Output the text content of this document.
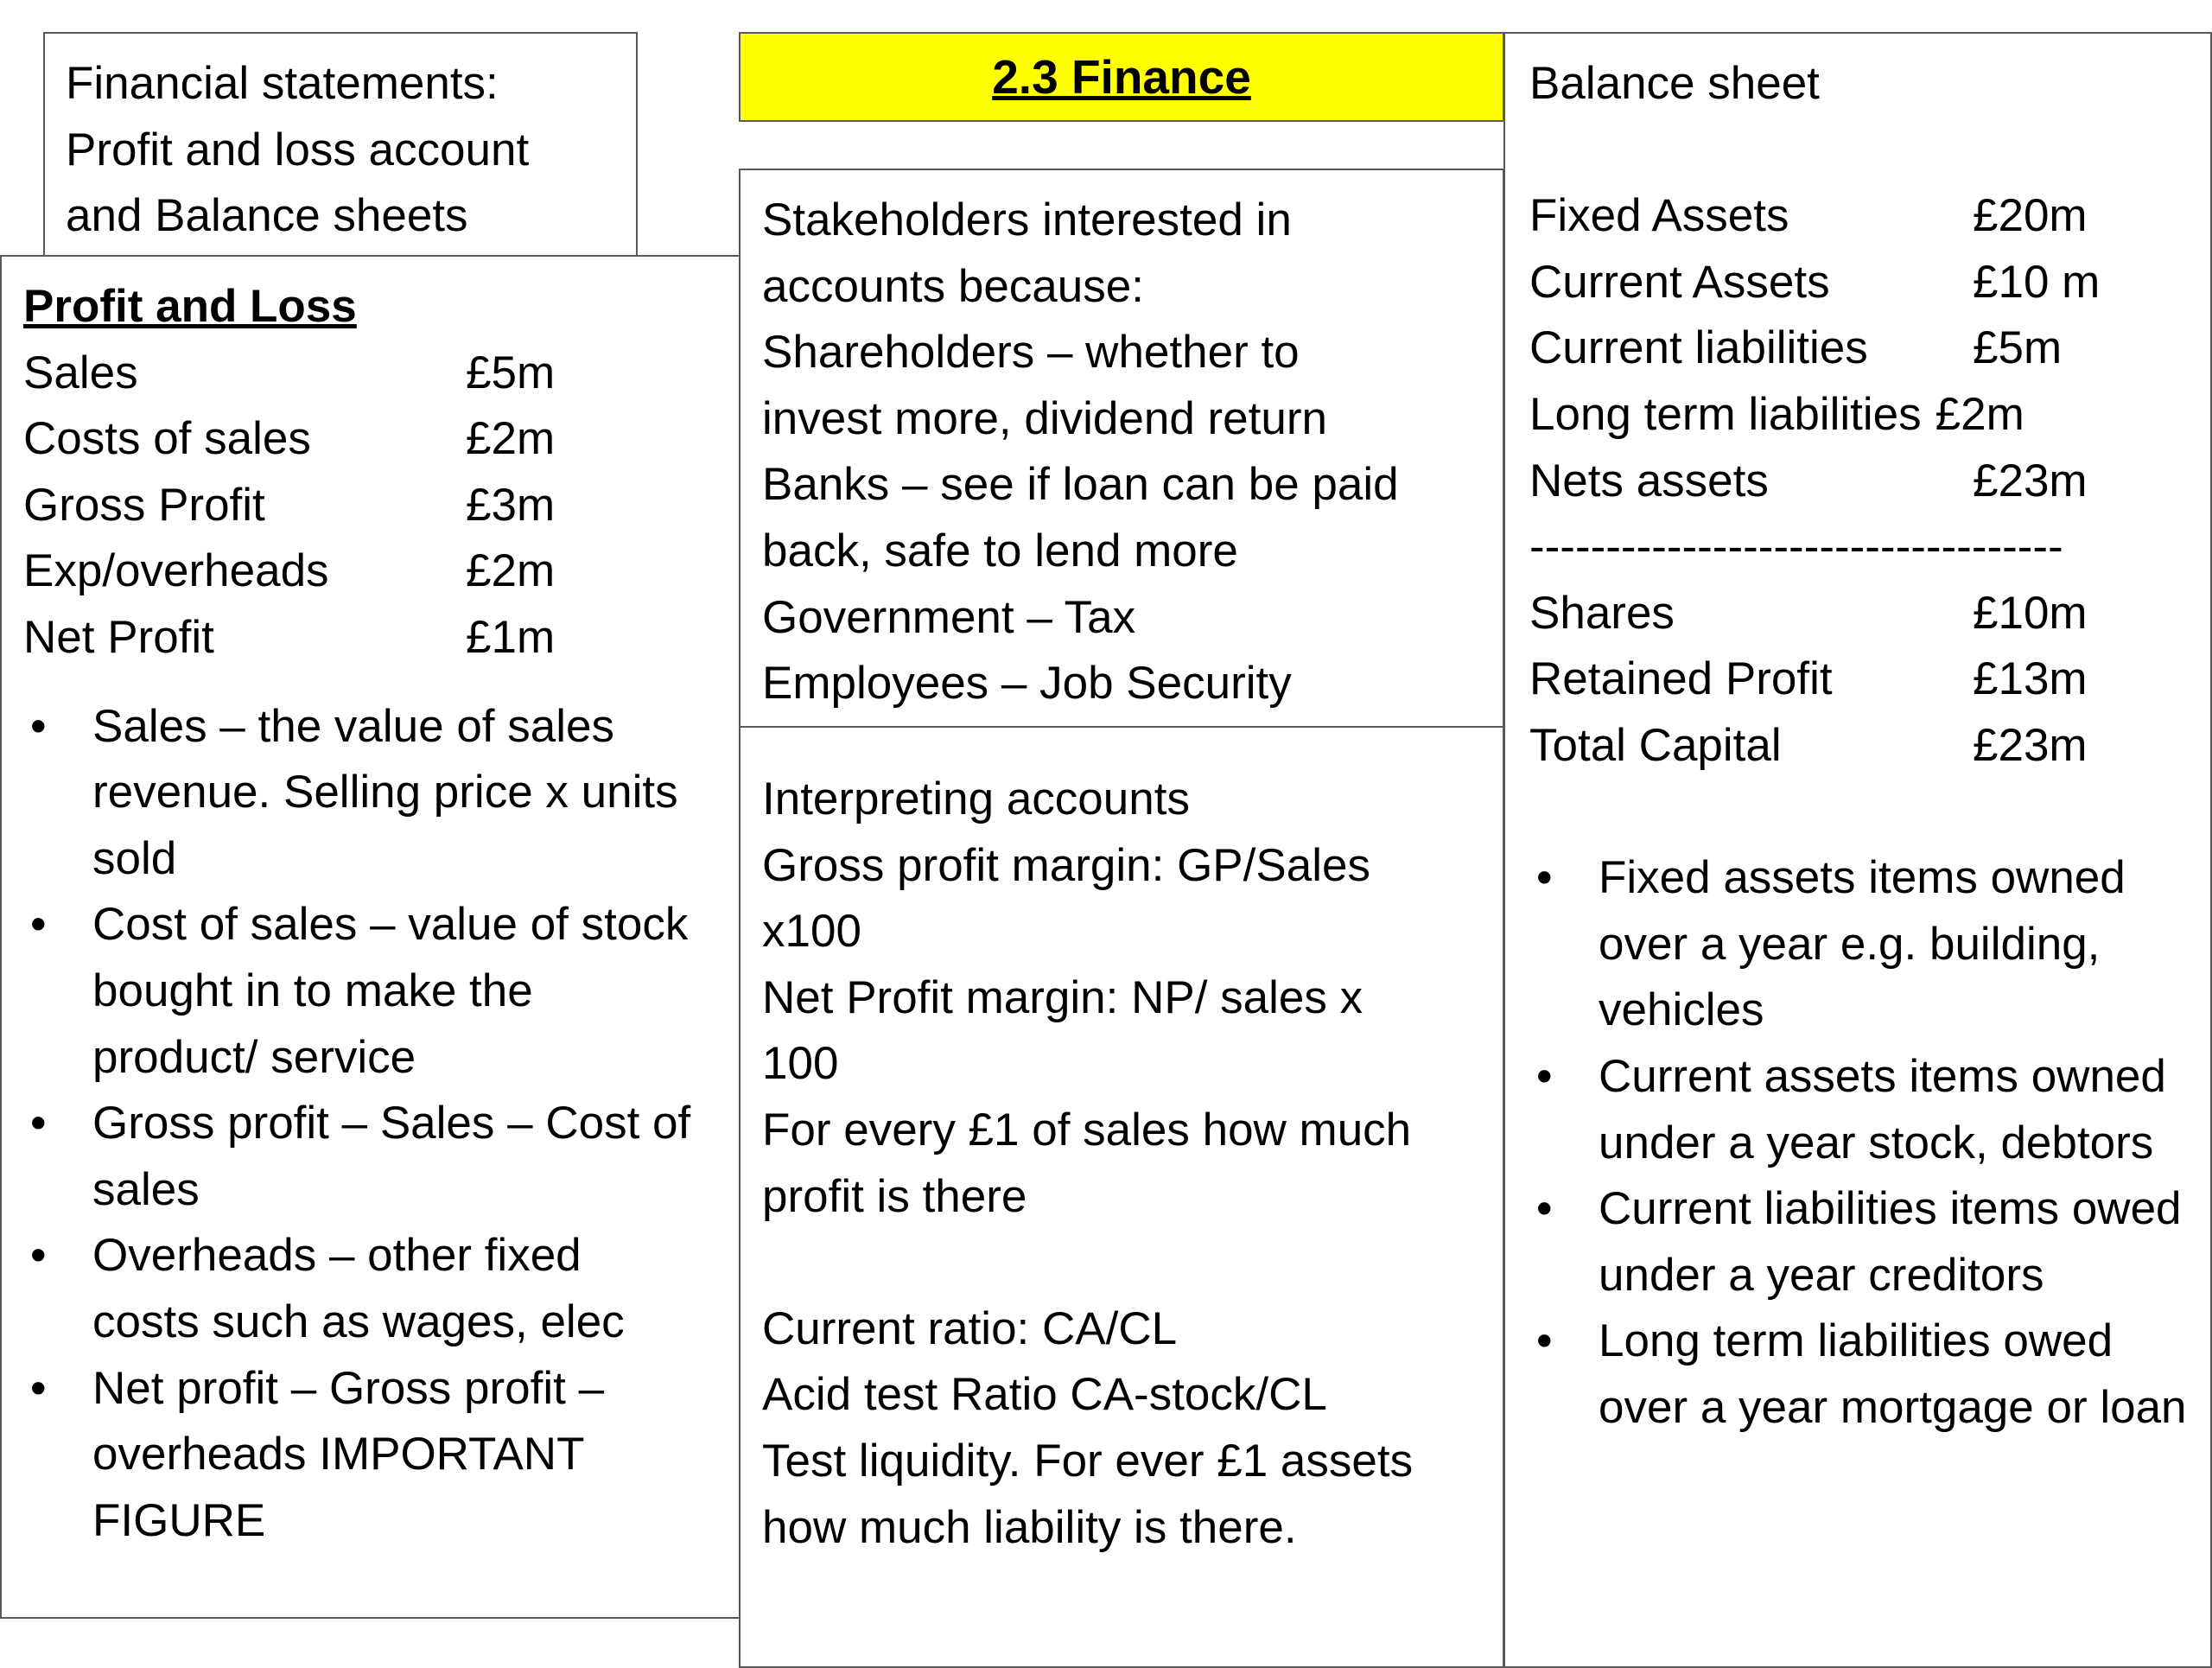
Financial statements:
Profit and loss account
and Balance sheets
2.3 Finance
Profit and Loss
Sales	£5m
Costs of sales	£2m
Gross Profit	£3m
Exp/overheads	£2m
Net Profit	£1m
•	Sales – the value of sales revenue. Selling price x units sold
•	Cost of sales – value of stock bought in to make the product/ service
•	Gross profit – Sales – Cost of sales
•	Overheads – other fixed costs such as wages, elec
•	Net profit – Gross profit – overheads IMPORTANT FIGURE
Stakeholders interested in
accounts because:
Shareholders – whether to
invest more, dividend return
Banks – see if loan can be paid
back, safe to lend more
Government – Tax
Employees – Job Security
Interpreting accounts
Gross profit margin: GP/Sales
x100
Net Profit margin: NP/ sales x
100
For every £1 of sales how much
profit is there
Current ratio: CA/CL
Acid test Ratio CA-stock/CL
Test liquidity. For ever £1 assets
how much liability is there.
Balance sheet
Fixed Assets	£20m
Current Assets	£10 m
Current liabilities	£5m
Long term liabilities £2m
Nets assets	£23m
-----------------------------------
Shares	£10m
Retained Profit	£13m
Total Capital	£23m
•	Fixed assets items owned over a year e.g. building, vehicles
•	Current assets items owned under a year stock, debtors
•	Current liabilities items owed under a year creditors
•	Long term liabilities owed over a year mortgage or loan
